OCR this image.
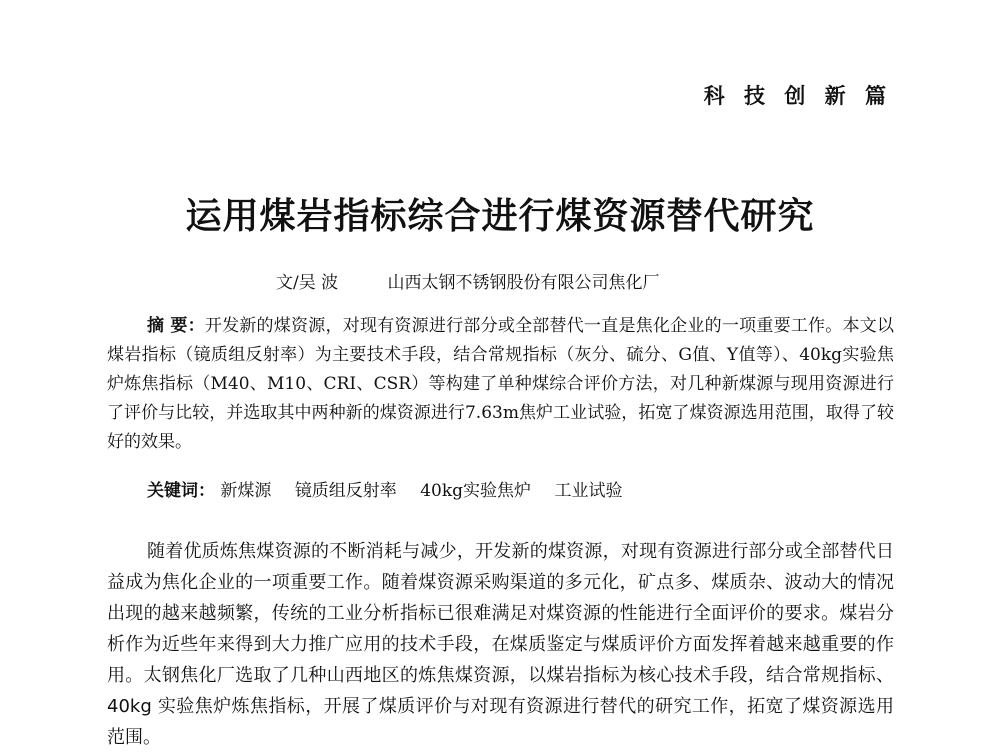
科 技 创 新 篇
运用煤岩指标综合进行煤资源替代研究
文/吴 波	山西太钢不锈钢股份有限公司焦化厂
摘 要：开发新的煤资源，对现有资源进行部分或全部替代一直是焦化企业的一项重要工作。本文以煤岩指标（镜质组反射率）为主要技术手段，结合常规指标（灰分、硫分、G值、Y值等）、40kg实验焦炉炼焦指标（M40、M10、CRI、CSR）等构建了单种煤综合评价方法，对几种新煤源与现用资源进行了评价与比较，并选取其中两种新的煤资源进行7.63m焦炉工业试验，拓宽了煤资源选用范围，取得了较好的效果。
关键词： 新煤源 镜质组反射率 40kg实验焦炉 工业试验
随着优质炼焦煤资源的不断消耗与减少，开发新的煤资源，对现有资源进行部分或全部替代日益成为焦化企业的一项重要工作。随着煤资源采购渠道的多元化，矿点多、煤质杂、波动大的情况出现的越来越频繁，传统的工业分析指标已很难满足对煤资源的性能进行全面评价的要求。煤岩分析作为近些年来得到大力推广应用的技术手段，在煤质鉴定与煤质评价方面发挥着越来越重要的作用。太钢焦化厂选取了几种山西地区的炼焦煤资源，以煤岩指标为核心技术手段，结合常规指标、40kg 实验焦炉炼焦指标，开展了煤质评价与对现有资源进行替代的研究工作，拓宽了煤资源选用范围。
